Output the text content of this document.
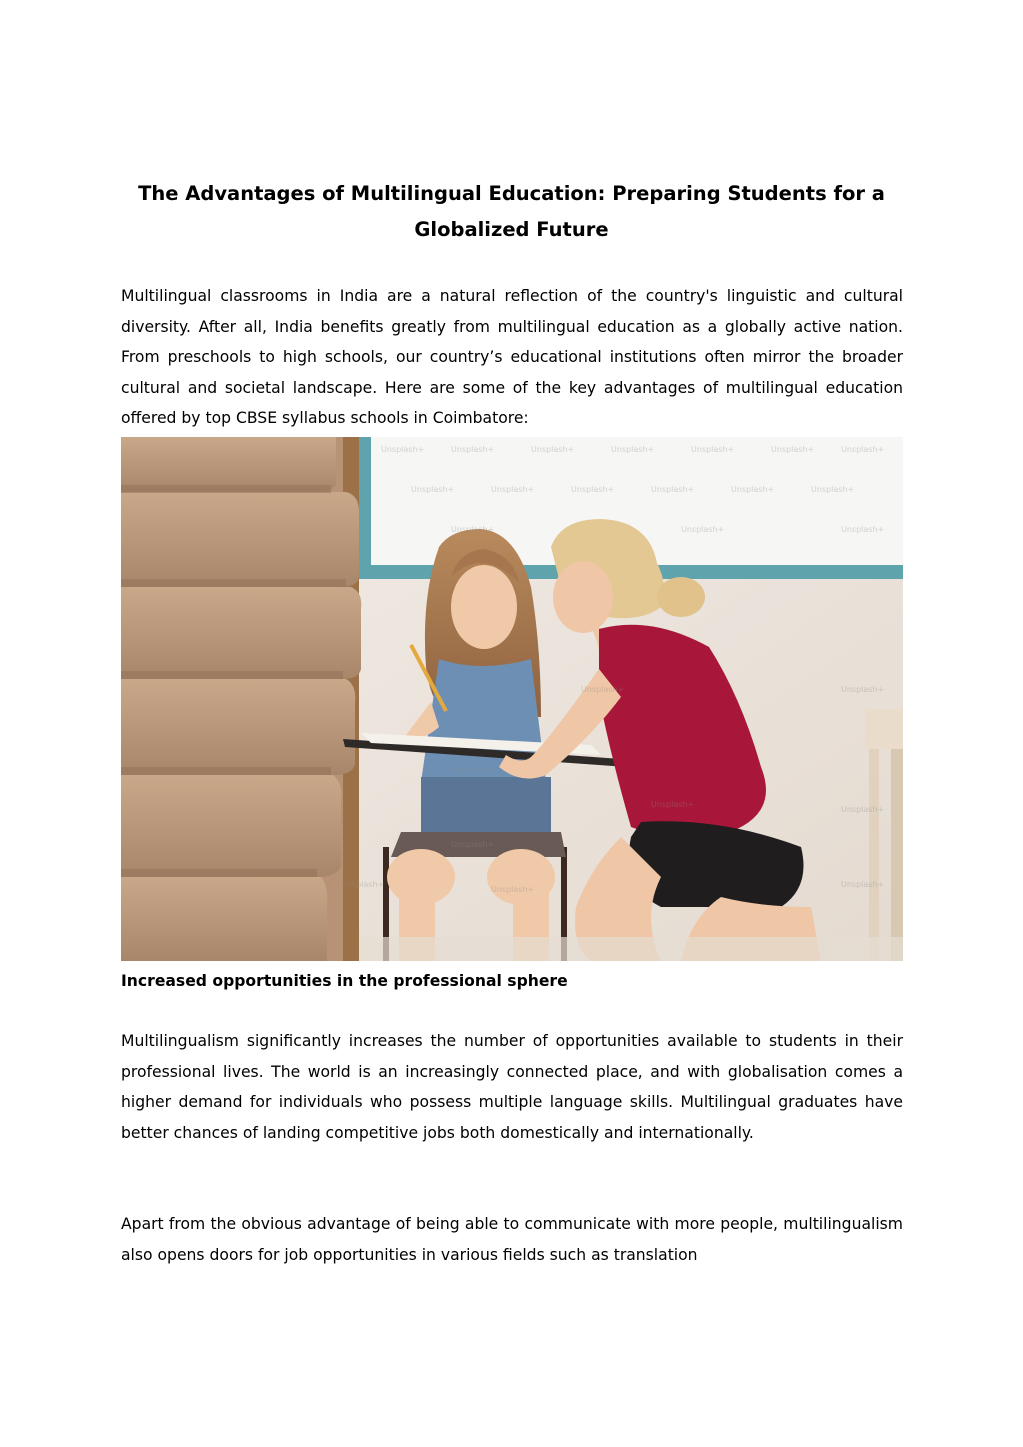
The Advantages of Multilingual Education: Preparing Students for a Globalized Future

Multilingual classrooms in India are a natural reflection of the country's linguistic and cultural diversity. After all, India benefits greatly from multilingual education as a globally active nation. From preschools to high schools, our country’s educational institutions often mirror the broader cultural and societal landscape. Here are some of the key advantages of multilingual education offered by top CBSE syllabus schools in Coimbatore:

Unsplash+	Unsplash+	Unsplash+	Unsplash+	Unsplash+	Unsplash+	Unsplash+
Unsplash+	Unsplash+	Unsplash+	Unsplash+	Unsplash+	Unsplash+
Unsplash+	Unsplash+	Unsplash+
Unsplash+	Unsplash+
Unsplash+
Unsplash+
Unsplash+
Unsplash+
Unsplash+
Unsplash+
Unsplash+
Increased opportunities in the professional sphere

Multilingualism significantly increases the number of opportunities available to students in their professional lives. The world is an increasingly connected place, and with globalisation comes a higher demand for individuals who possess multiple language skills. Multilingual graduates have better chances of landing competitive jobs both domestically and internationally.

Apart from the obvious advantage of being able to communicate with more people, multilingualism also opens doors for job opportunities in various fields such as translation
